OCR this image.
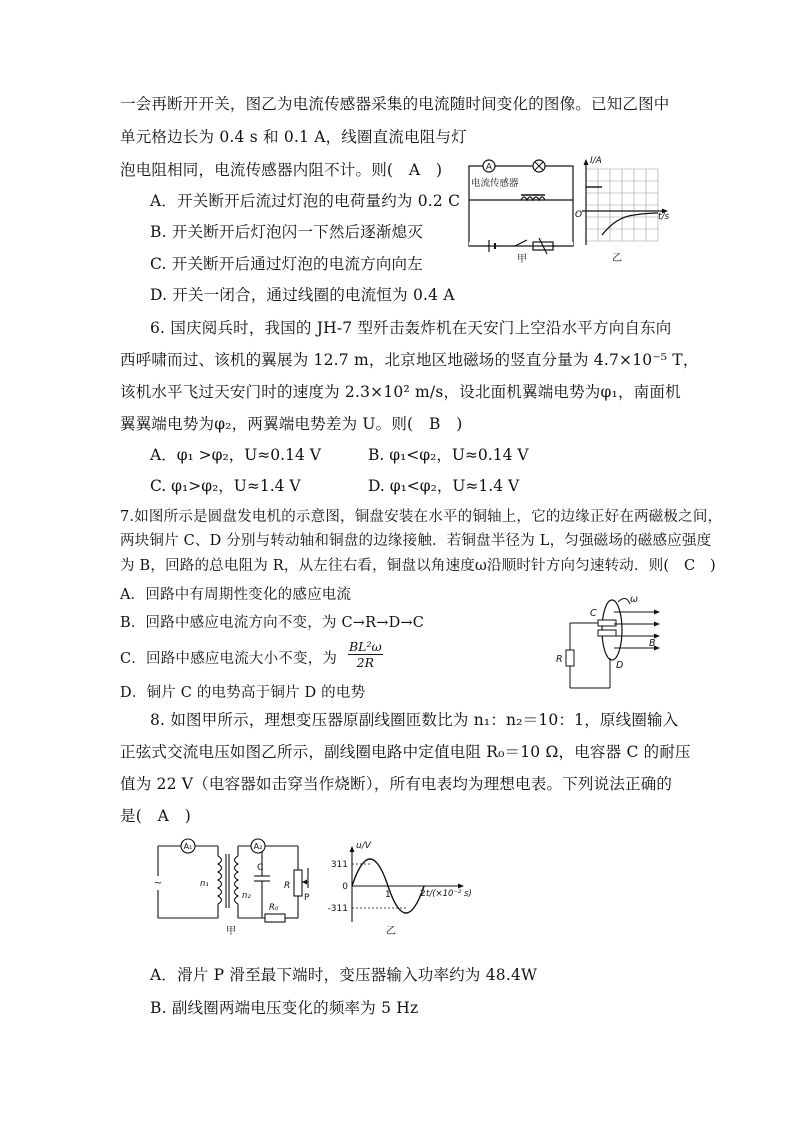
一会再断开开关，图乙为电流传感器采集的电流随时间变化的图像。已知乙图中
单元格边长为 0.4 s 和 0.1 A，线圈直流电阻与灯
泡电阻相同，电流传感器内阻不计。则(　A　)
A．开关断开后流过灯泡的电荷量约为 0.2 C
B. 开关断开后灯泡闪一下然后逐渐熄灭
C. 开关断开后通过灯泡的电流方向向左
D. 开关一闭合，通过线圈的电流恒为 0.4 A
A
电流传感器
甲
I/A
t/s
O
乙
6. 国庆阅兵时，我国的 JH-7 型歼击轰炸机在天安门上空沿水平方向自东向
西呼啸而过、该机的翼展为 12.7 m，北京地区地磁场的竖直分量为 4.7×10⁻⁵ T，
该机水平飞过天安门时的速度为 2.3×10² m/s，设北面机翼端电势为φ₁，南面机
翼翼端电势为φ₂，两翼端电势差为 U。则(　B　)
A．φ₁ >φ₂，U≈0.14 V	B. φ₁<φ₂，U≈0.14 V
C. φ₁>φ₂，U≈1.4 V	D. φ₁<φ₂，U≈1.4 V
7.如图所示是圆盘发电机的示意图，铜盘安装在水平的铜轴上，它的边缘正好在两磁极之间，
两块铜片 C、D 分别与转动轴和铜盘的边缘接触．若铜盘半径为 L，匀强磁场的磁感应强度
为 B，回路的总电阻为 R，从左往右看，铜盘以角速度ω沿顺时针方向匀速转动．则(　C　)
A．回路中有周期性变化的感应电流
B．回路中感应电流方向不变，为 C→R→D→C
C．回路中感应电流大小不变，为 $\frac{\text{BL²ω}}{2R}$
D．铜片 C 的电势高于铜片 D 的电势
C
D
B
R
ω
8. 如图甲所示，理想变压器原副线圈匝数比为 n₁：n₂＝10：1，原线圈输入
正弦式交流电压如图乙所示，副线圈电路中定值电阻 R₀＝10 Ω，电容器 C 的耐压
值为 22 V（电容器如击穿当作烧断），所有电表均为理想电表。下列说法正确的
是(　A　)
~
A₁	A₂
n₁
n₂
C
R
P
R₀
甲
u/V
311
0
-311
1	2 t/(×10⁻² s)
乙
A．滑片 P 滑至最下端时，变压器输入功率约为 48.4W
B. 副线圈两端电压变化的频率为 5 Hz
